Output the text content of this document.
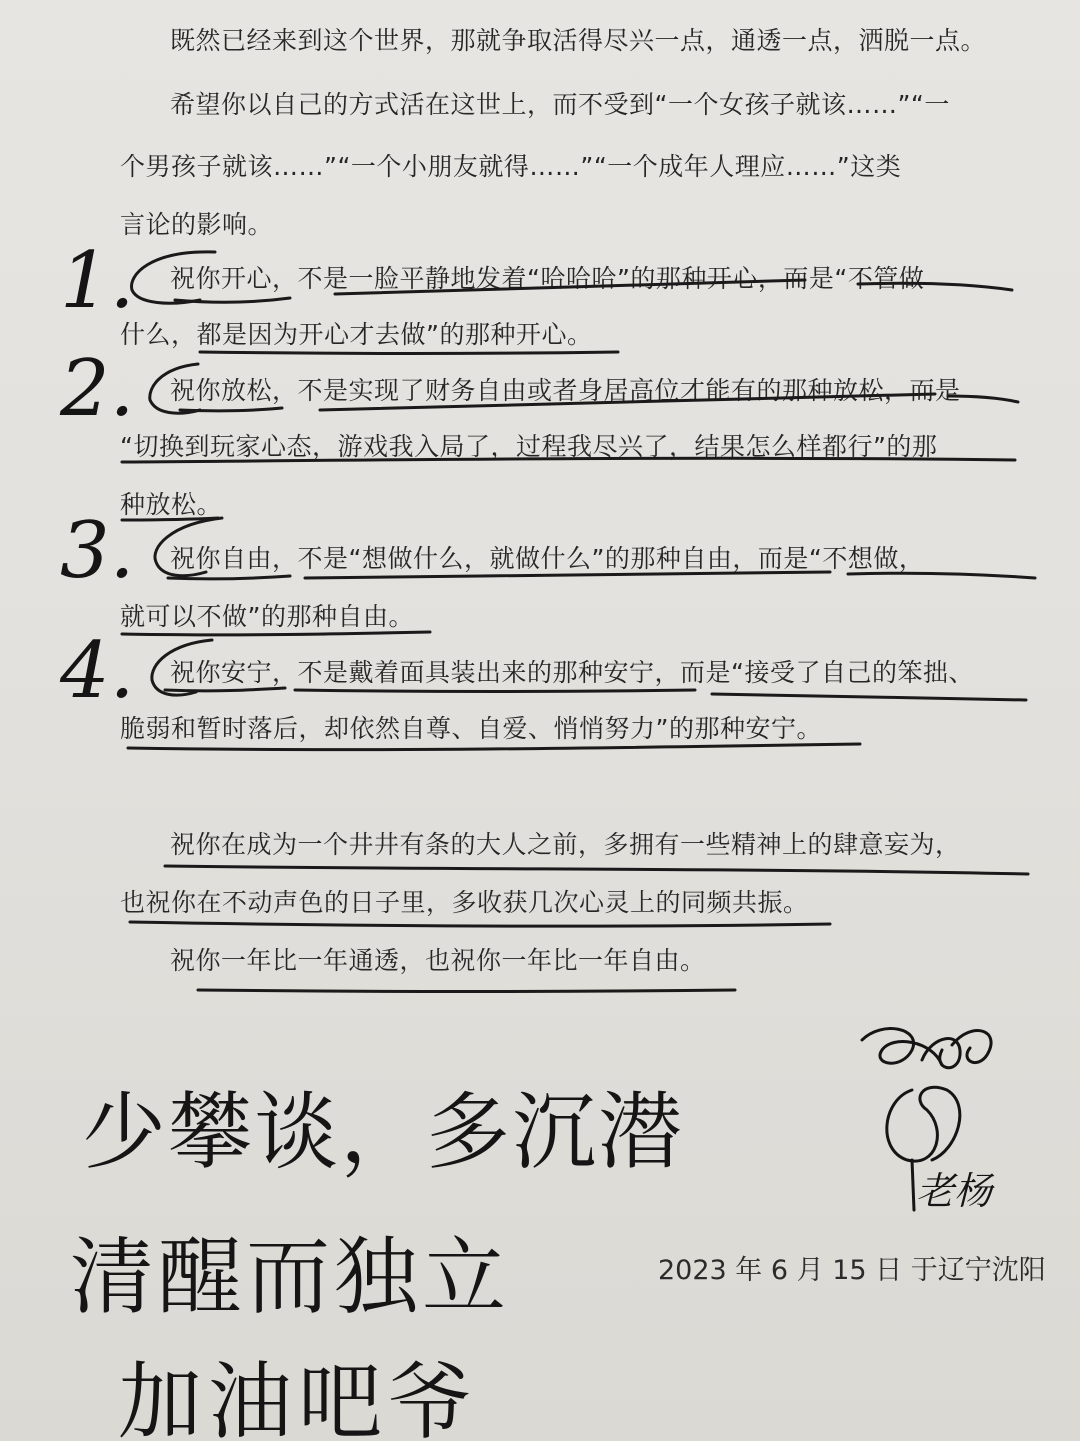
既然已经来到这个世界，那就争取活得尽兴一点，通透一点，洒脱一点。
希望你以自己的方式活在这世上，而不受到“一个女孩子就该……”“一
个男孩子就该……”“一个小朋友就得……”“一个成年人理应……”这类
言论的影响。
祝你开心，不是一脸平静地发着“哈哈哈”的那种开心，而是“不管做
什么，都是因为开心才去做”的那种开心。
祝你放松，不是实现了财务自由或者身居高位才能有的那种放松，而是
“切换到玩家心态，游戏我入局了，过程我尽兴了，结果怎么样都行”的那
种放松。
祝你自由，不是“想做什么，就做什么”的那种自由，而是“不想做，
就可以不做”的那种自由。
祝你安宁，不是戴着面具装出来的那种安宁，而是“接受了自己的笨拙、
脆弱和暂时落后，却依然自尊、自爱、悄悄努力”的那种安宁。
祝你在成为一个井井有条的大人之前，多拥有一些精神上的肆意妄为，
也祝你在不动声色的日子里，多收获几次心灵上的同频共振。
祝你一年比一年通透，也祝你一年比一年自由。
1.
2.
3.
4.
少攀谈，多沉潜
清醒而独立
加油吧爷
老杨
2023 年 6 月 15 日 于辽宁沈阳
